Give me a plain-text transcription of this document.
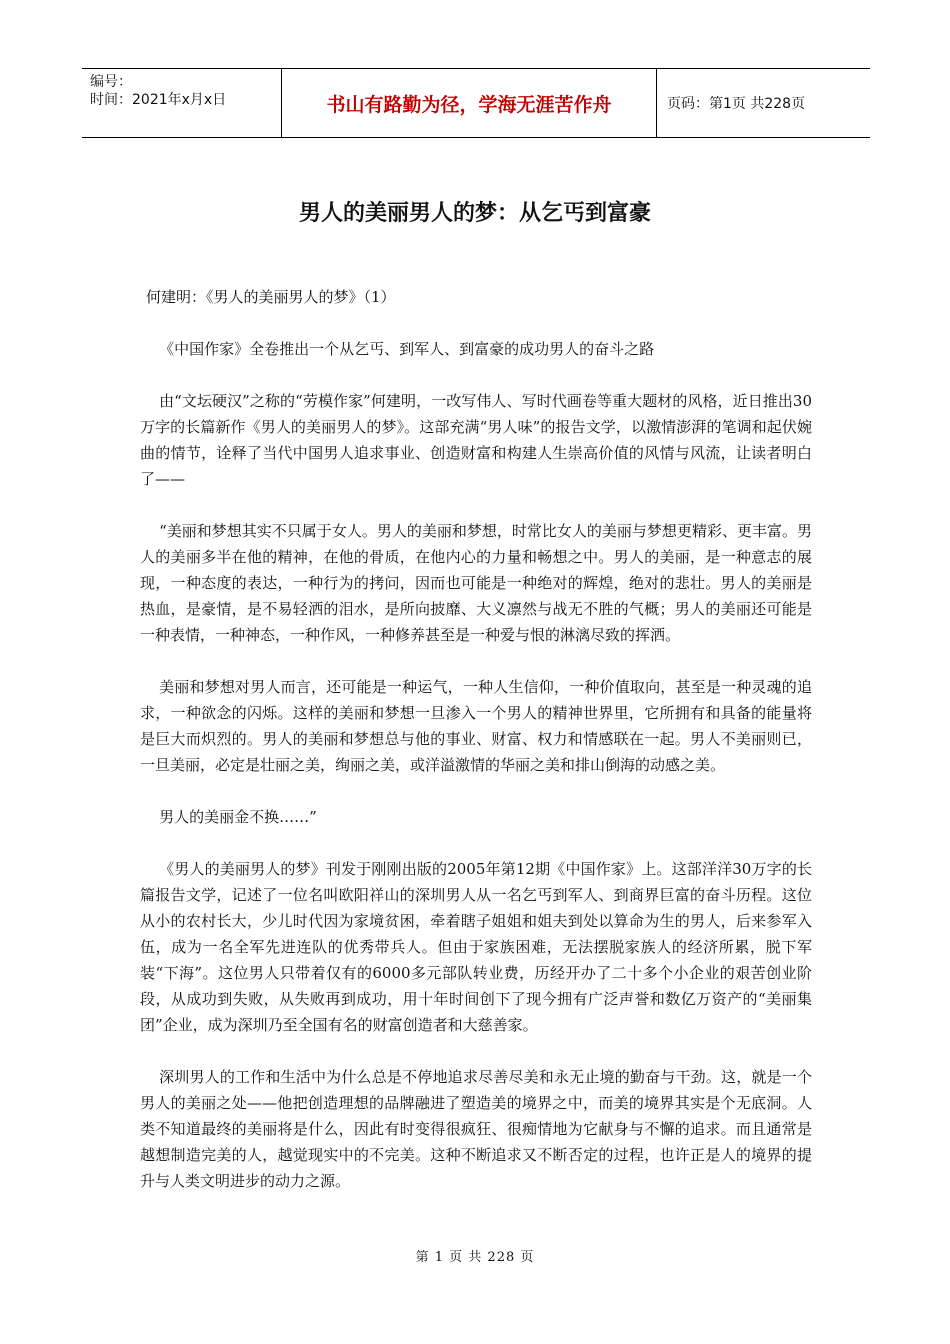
编号：
时间：2021年x月x日	书山有路勤为径，学海无涯苦作舟	页码：第1页 共228页
男人的美丽男人的梦：从乞丐到富豪

何建明：《男人的美丽男人的梦》（1）

《中国作家》全卷推出一个从乞丐、到军人、到富豪的成功男人的奋斗之路

由“文坛硬汉”之称的“劳模作家”何建明，一改写伟人、写时代画卷等重大题材的风格，近日推出30万字的长篇新作《男人的美丽男人的梦》。这部充满“男人味”的报告文学，以激情澎湃的笔调和起伏婉曲的情节，诠释了当代中国男人追求事业、创造财富和构建人生崇高价值的风情与风流，让读者明白了——

“美丽和梦想其实不只属于女人。男人的美丽和梦想，时常比女人的美丽与梦想更精彩、更丰富。男人的美丽多半在他的精神，在他的骨质，在他内心的力量和畅想之中。男人的美丽，是一种意志的展现，一种态度的表达，一种行为的拷问，因而也可能是一种绝对的辉煌，绝对的悲壮。男人的美丽是热血，是豪情，是不易轻洒的泪水，是所向披靡、大义凛然与战无不胜的气概；男人的美丽还可能是一种表情，一种神态，一种作风，一种修养甚至是一种爱与恨的淋漓尽致的挥洒。

美丽和梦想对男人而言，还可能是一种运气，一种人生信仰，一种价值取向，甚至是一种灵魂的追求，一种欲念的闪烁。这样的美丽和梦想一旦渗入一个男人的精神世界里，它所拥有和具备的能量将是巨大而炽烈的。男人的美丽和梦想总与他的事业、财富、权力和情感联在一起。男人不美丽则已，一旦美丽，必定是壮丽之美，绚丽之美，或洋溢激情的华丽之美和排山倒海的动感之美。

男人的美丽金不换……”

《男人的美丽男人的梦》刊发于刚刚出版的2005年第12期《中国作家》上。这部洋洋30万字的长篇报告文学，记述了一位名叫欧阳祥山的深圳男人从一名乞丐到军人、到商界巨富的奋斗历程。这位从小的农村长大，少儿时代因为家境贫困，牵着瞎子姐姐和姐夫到处以算命为生的男人，后来参军入伍，成为一名全军先进连队的优秀带兵人。但由于家族困难，无法摆脱家族人的经济所累，脱下军装“下海”。这位男人只带着仅有的6000多元部队转业费，历经开办了二十多个小企业的艰苦创业阶段，从成功到失败，从失败再到成功，用十年时间创下了现今拥有广泛声誉和数亿万资产的“美丽集团”企业，成为深圳乃至全国有名的财富创造者和大慈善家。

深圳男人的工作和生活中为什么总是不停地追求尽善尽美和永无止境的勤奋与干劲。这，就是一个男人的美丽之处——他把创造理想的品牌融进了塑造美的境界之中，而美的境界其实是个无底洞。人类不知道最终的美丽将是什么，因此有时变得很疯狂、很痴情地为它献身与不懈的追求。而且通常是越想制造完美的人，越觉现实中的不完美。这种不断追求又不断否定的过程，也许正是人的境界的提升与人类文明进步的动力之源。

第 1 页 共 228 页
